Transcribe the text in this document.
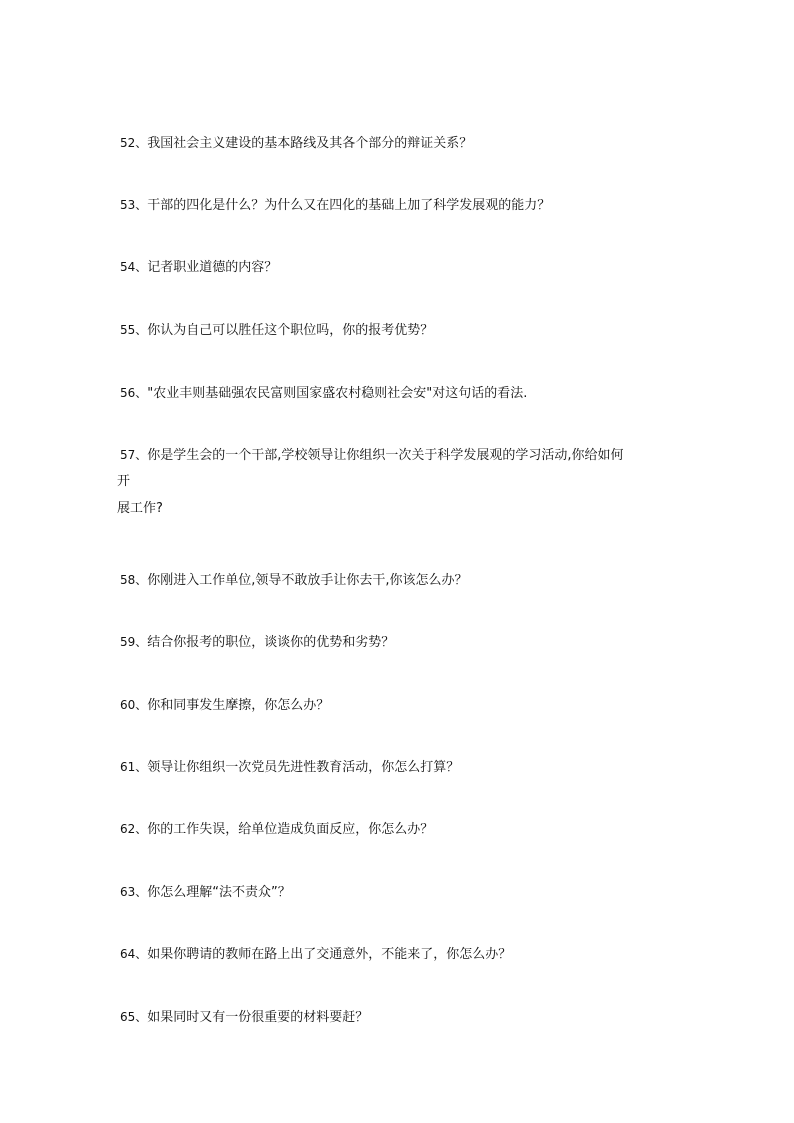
52、我国社会主义建设的基本路线及其各个部分的辩证关系？
53、干部的四化是什么？为什么又在四化的基础上加了科学发展观的能力？
54、记者职业道德的内容？
55、你认为自己可以胜任这个职位吗，你的报考优势？
56、"农业丰则基础强农民富则国家盛农村稳则社会安"对这句话的看法.
57、你是学生会的一个干部,学校领导让你组织一次关于科学发展观的学习活动,你给如何
开
展工作?
58、你刚进入工作单位,领导不敢放手让你去干,你该怎么办？
59、结合你报考的职位，谈谈你的优势和劣势？
60、你和同事发生摩擦，你怎么办？
61、领导让你组织一次党员先进性教育活动，你怎么打算？
62、你的工作失误，给单位造成负面反应，你怎么办？
63、你怎么理解“法不责众”？
64、如果你聘请的教师在路上出了交通意外，不能来了，你怎么办？
65、如果同时又有一份很重要的材料要赶？
